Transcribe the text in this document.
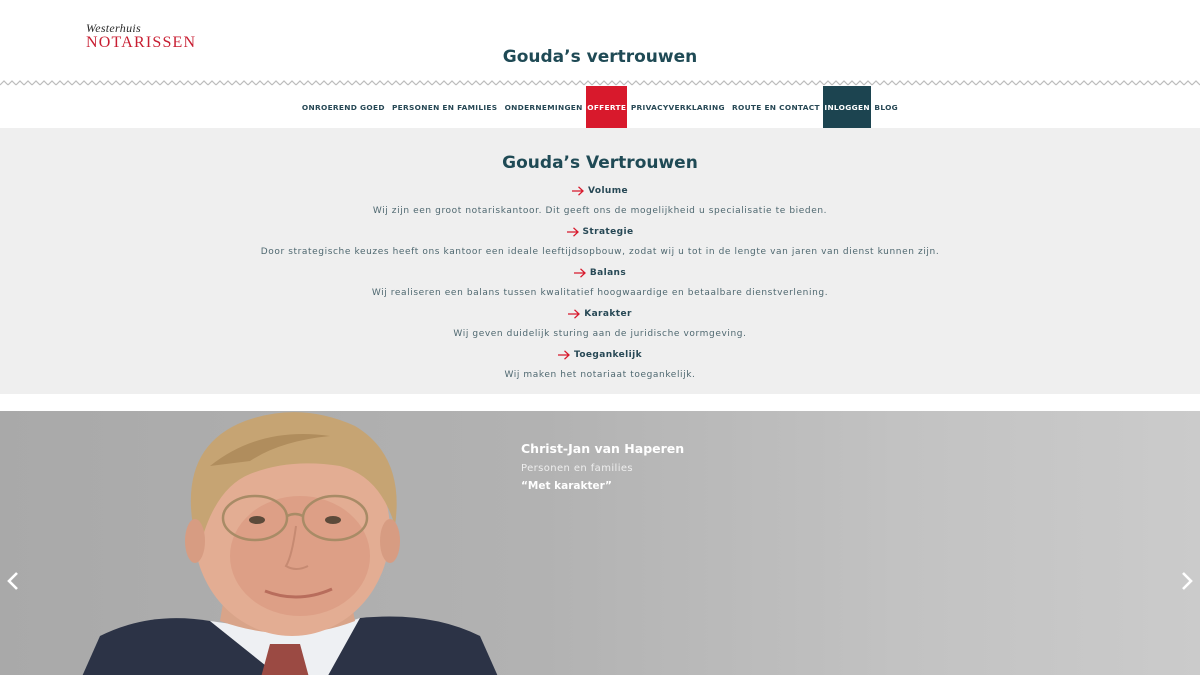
Westerhuis
NOTARISSEN
Gouda’s vertrouwen
ONROEREND GOED PERSONEN EN FAMILIES ONDERNEMINGEN OFFERTE PRIVACYVERKLARING ROUTE EN CONTACT INLOGGEN BLOG
Gouda’s Vertrouwen
Volume
Wij zijn een groot notariskantoor. Dit geeft ons de mogelijkheid u specialisatie te bieden.
Strategie
Door strategische keuzes heeft ons kantoor een ideale leeftijdsopbouw, zodat wij u tot in de lengte van jaren van dienst kunnen zijn.
Balans
Wij realiseren een balans tussen kwalitatief hoogwaardige en betaalbare dienstverlening.
Karakter
Wij geven duidelijk sturing aan de juridische vormgeving.
Toegankelijk
Wij maken het notariaat toegankelijk.
Christ-Jan van Haperen
Personen en families
“Met karakter”
